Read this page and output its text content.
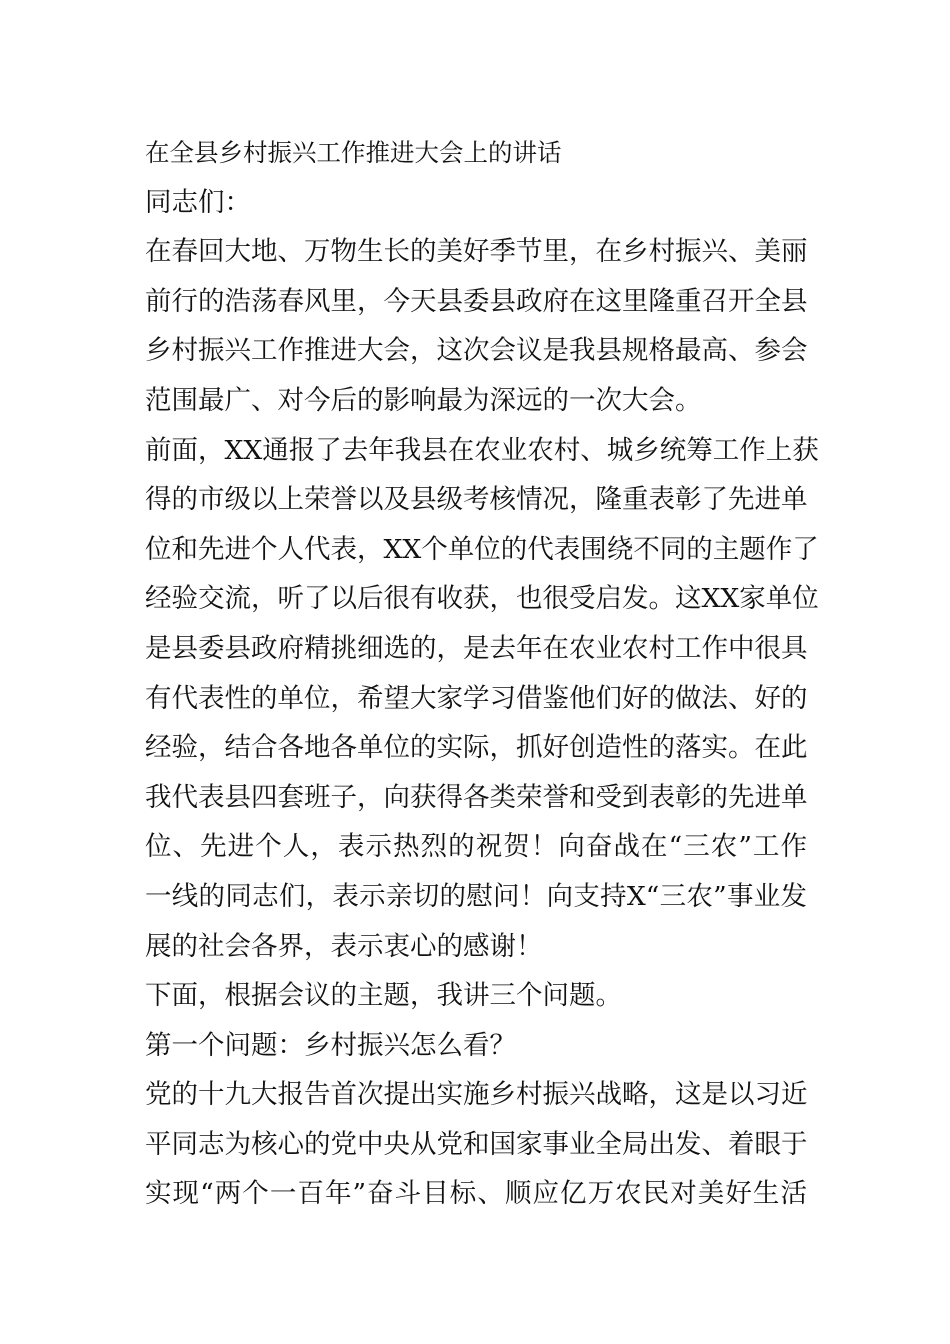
在全县乡村振兴工作推进大会上的讲话

同志们：

在春回大地、万物生长的美好季节里，在乡村振兴、美丽

前行的浩荡春风里，今天县委县政府在这里隆重召开全县

乡村振兴工作推进大会，这次会议是我县规格最高、参会

范围最广、对今后的影响最为深远的一次大会。

前面，XX通报了去年我县在农业农村、城乡统筹工作上获

得的市级以上荣誉以及县级考核情况，隆重表彰了先进单

位和先进个人代表，XX个单位的代表围绕不同的主题作了

经验交流，听了以后很有收获，也很受启发。这XX家单位

是县委县政府精挑细选的，是去年在农业农村工作中很具

有代表性的单位，希望大家学习借鉴他们好的做法、好的

经验，结合各地各单位的实际，抓好创造性的落实。在此

我代表县四套班子，向获得各类荣誉和受到表彰的先进单

位、先进个人，表示热烈的祝贺！向奋战在“三农”工作

一线的同志们，表示亲切的慰问！向支持X“三农”事业发

展的社会各界，表示衷心的感谢！

下面，根据会议的主题，我讲三个问题。

第一个问题：乡村振兴怎么看？

党的十九大报告首次提出实施乡村振兴战略，这是以习近

平同志为核心的党中央从党和国家事业全局出发、着眼于

实现“两个一百年”奋斗目标、顺应亿万农民对美好生活
